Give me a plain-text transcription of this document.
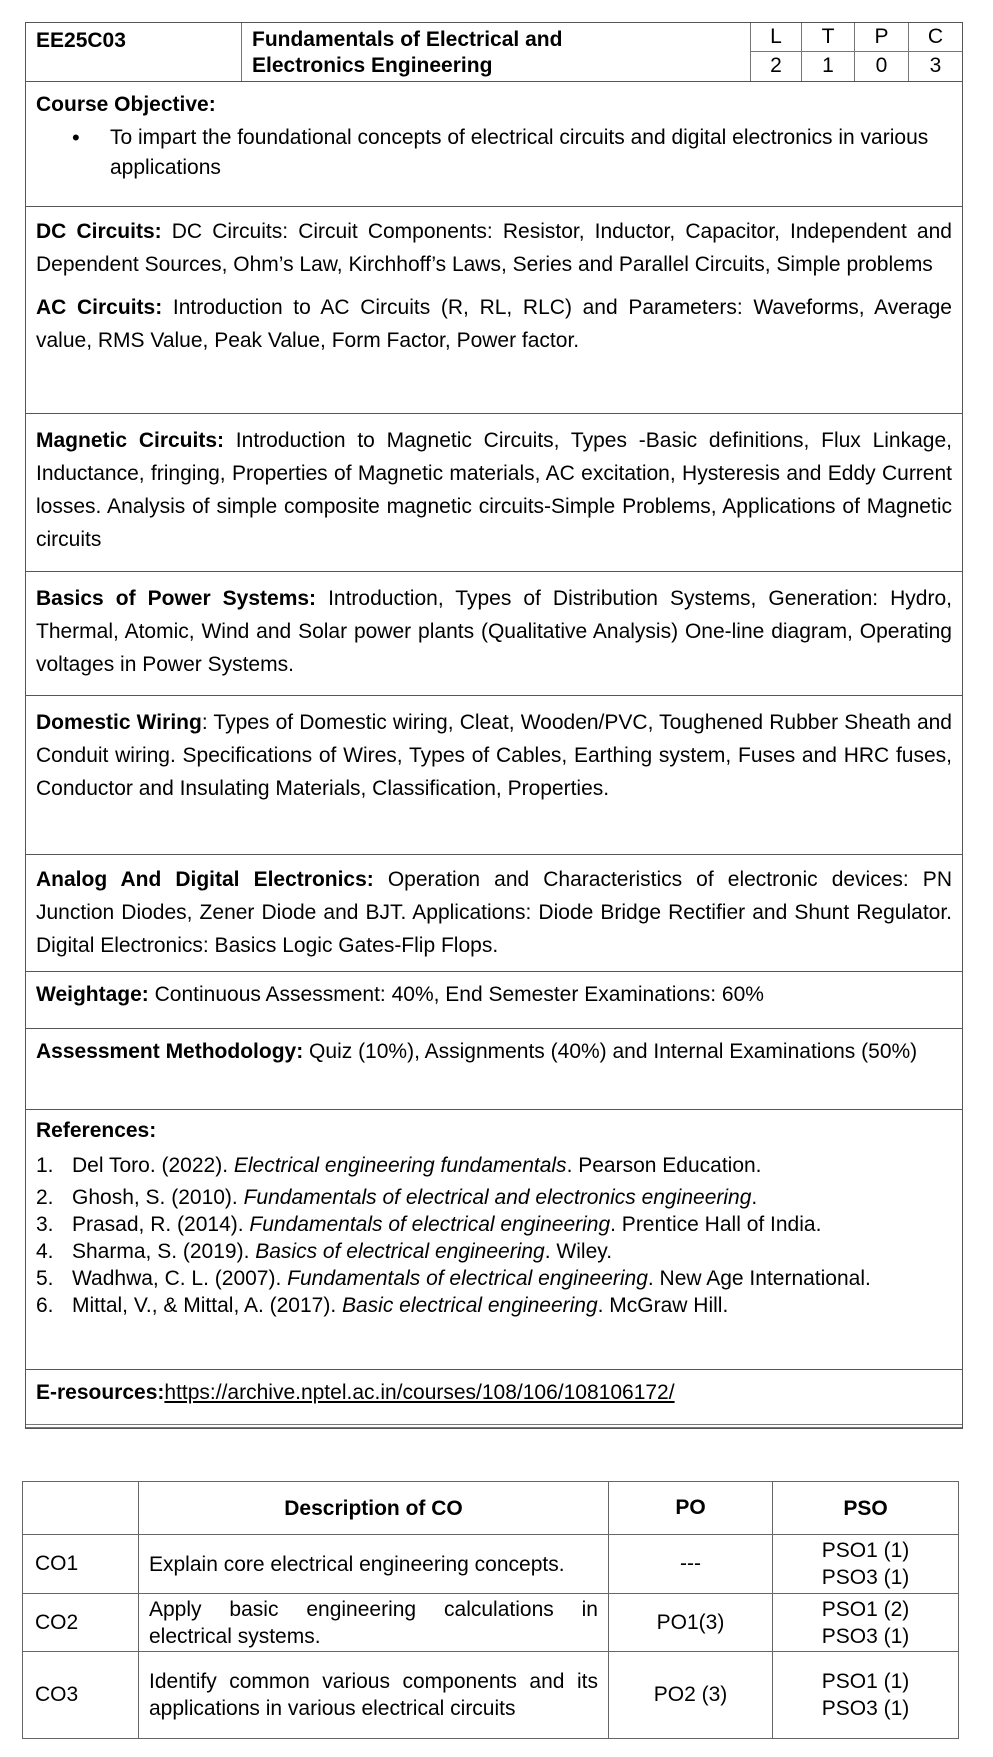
EE25C03	Fundamentals of Electrical and
Electronics Engineering
L	T	P	C
2	1	0	3
Course Objective:
• To impart the foundational concepts of electrical circuits and digital electronics in various applications

DC Circuits: DC Circuits: Circuit Components: Resistor, Inductor, Capacitor, Independent and Dependent Sources, Ohm’s Law, Kirchhoff’s Laws, Series and Parallel Circuits, Simple problems

AC Circuits: Introduction to AC Circuits (R, RL, RLC) and Parameters: Waveforms, Average value, RMS Value, Peak Value, Form Factor, Power factor.

Magnetic Circuits: Introduction to Magnetic Circuits, Types -Basic definitions, Flux Linkage, Inductance, fringing, Properties of Magnetic materials, AC excitation, Hysteresis and Eddy Current losses. Analysis of simple composite magnetic circuits-Simple Problems, Applications of Magnetic circuits

Basics of Power Systems: Introduction, Types of Distribution Systems, Generation: Hydro, Thermal, Atomic, Wind and Solar power plants (Qualitative Analysis) One-line diagram, Operating voltages in Power Systems.

Domestic Wiring: Types of Domestic wiring, Cleat, Wooden/PVC, Toughened Rubber Sheath and Conduit wiring. Specifications of Wires, Types of Cables, Earthing system, Fuses and HRC fuses, Conductor and Insulating Materials, Classification, Properties.

Analog And Digital Electronics: Operation and Characteristics of electronic devices: PN Junction Diodes, Zener Diode and BJT. Applications: Diode Bridge Rectifier and Shunt Regulator. Digital Electronics: Basics Logic Gates-Flip Flops.

Weightage: Continuous Assessment: 40%, End Semester Examinations: 60%

Assessment Methodology: Quiz (10%), Assignments (40%) and Internal Examinations (50%)

References:
1. Del Toro. (2022). Electrical engineering fundamentals. Pearson Education.
2. Ghosh, S. (2010). Fundamentals of electrical and electronics engineering.
3. Prasad, R. (2014). Fundamentals of electrical engineering. Prentice Hall of India.
4. Sharma, S. (2019). Basics of electrical engineering. Wiley.
5. Wadhwa, C. L. (2007). Fundamentals of electrical engineering. New Age International.
6. Mittal, V., & Mittal, A. (2017). Basic electrical engineering. McGraw Hill.

E-resources:https://archive.nptel.ac.in/courses/108/106/108106172/

	Description of CO	PO	PSO
CO1	Explain core electrical engineering concepts.	---	PSO1 (1)
PSO3 (1)

CO2	Apply basic engineering calculations in electrical systems.	PO1(3)	PSO1 (2)
PSO3 (1)

CO3	Identify common various components and its applications in various electrical circuits	PO2 (3)	PSO1 (1)
PSO3 (1)
